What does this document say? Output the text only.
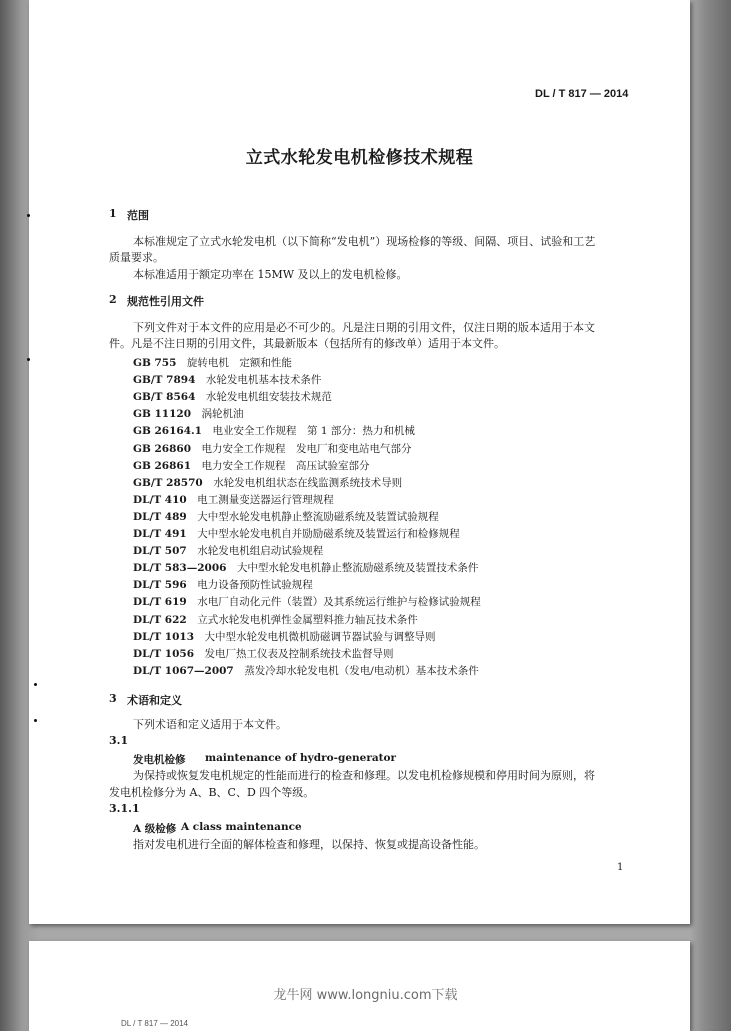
DL / T 817 — 2014
立式水轮发电机检修技术规程
1 范围
本标准规定了立式水轮发电机（以下简称“发电机”）现场检修的等级、间隔、项目、试验和工艺
质量要求。
本标准适用于额定功率在 15MW 及以上的发电机检修。
2 规范性引用文件
下列文件对于本文件的应用是必不可少的。凡是注日期的引用文件，仅注日期的版本适用于本文
件。凡是不注日期的引用文件，其最新版本（包括所有的修改单）适用于本文件。
GB 755  旋转电机　定额和性能
GB/T 7894  水轮发电机基本技术条件
GB/T 8564  水轮发电机组安装技术规范
GB 11120  涡轮机油
GB 26164.1  电业安全工作规程　第 1 部分：热力和机械
GB 26860  电力安全工作规程　发电厂和变电站电气部分
GB 26861  电力安全工作规程　高压试验室部分
GB/T 28570  水轮发电机组状态在线监测系统技术导则
DL/T 410  电工测量变送器运行管理规程
DL/T 489  大中型水轮发电机静止整流励磁系统及装置试验规程
DL/T 491  大中型水轮发电机自并励励磁系统及装置运行和检修规程
DL/T 507  水轮发电机组启动试验规程
DL/T 583—2006  大中型水轮发电机静止整流励磁系统及装置技术条件
DL/T 596  电力设备预防性试验规程
DL/T 619  水电厂自动化元件（装置）及其系统运行维护与检修试验规程
DL/T 622  立式水轮发电机弹性金属塑料推力轴瓦技术条件
DL/T 1013  大中型水轮发电机微机励磁调节器试验与调整导则
DL/T 1056  发电厂热工仪表及控制系统技术监督导则
DL/T 1067—2007  蒸发冷却水轮发电机（发电/电动机）基本技术条件
3 术语和定义
下列术语和定义适用于本文件。
3.1
发电机检修 maintenance of hydro-generator
为保持或恢复发电机规定的性能而进行的检查和修理。以发电机检修规模和停用时间为原则，将
发电机检修分为 A、B、C、D 四个等级。
3.1.1
A 级检修 A class maintenance
指对发电机进行全面的解体检查和修理，以保持、恢复或提高设备性能。
1
DL / T 817 — 2014
龙牛网 www.longniu.com下载
